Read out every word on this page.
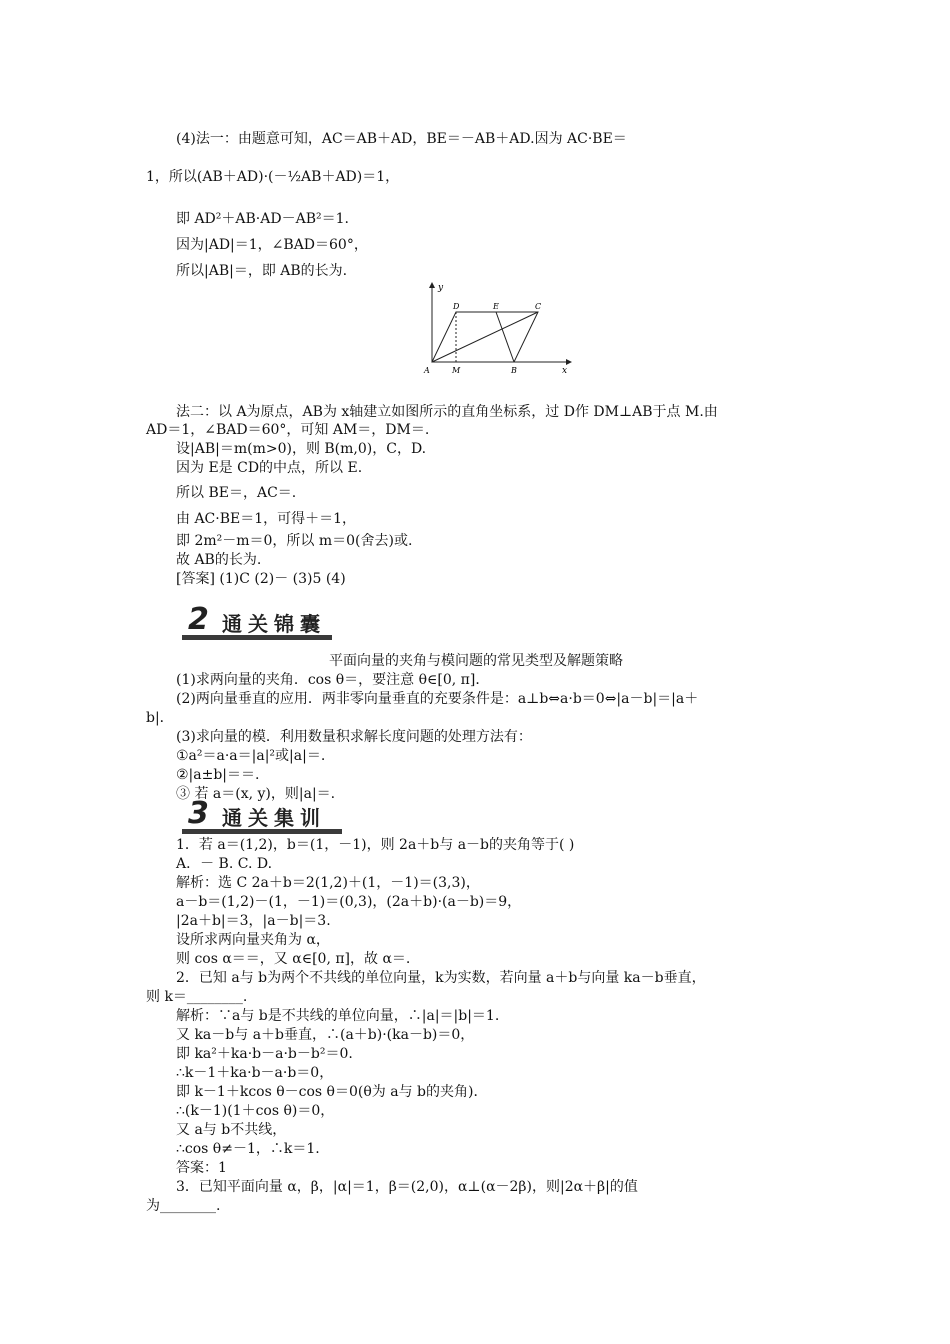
(4)法一：由题意可知，AC＝AB＋AD，BE＝－AB＋AD.因为 AC·BE＝
1，所以(AB＋AD)·(－½AB＋AD)＝1，
即 AD²＋AB·AD－AB²＝1.
因为|AD|＝1，∠BAD＝60°，
所以|AB|＝，即 AB的长为.
y
x
A	M	B
D	E	C
法二：以 A为原点，AB为 x轴建立如图所示的直角坐标系，过 D作 DM⊥AB于点 M.由
AD＝1，∠BAD＝60°，可知 AM＝，DM＝.
设|AB|＝m(m>0)，则 B(m,0)，C，D.
因为 E是 CD的中点，所以 E.
所以 BE＝，AC＝.
由 AC·BE＝1，可得＋＝1，
即 2m²－m＝0，所以 m＝0(舍去)或.
故 AB的长为.
[答案] (1)C (2)－ (3)5 (4)
2 通关锦囊
平面向量的夹角与模问题的常见类型及解题策略
(1)求两向量的夹角．cos θ＝，要注意 θ∈[0, π]．
(2)两向量垂直的应用．两非零向量垂直的充要条件是：a⊥b⇔a·b＝0⇔|a－b|＝|a＋
b|．
(3)求向量的模．利用数量积求解长度问题的处理方法有：
①a²＝a·a＝|a|²或|a|＝.
②|a±b|＝＝.
③ 若 a＝(x, y)，则|a|＝.
3 通关集训
1．若 a＝(1,2)，b＝(1，－1)，则 2a＋b与 a－b的夹角等于( )
A．－ B. C. D.
解析：选 C 2a＋b＝2(1,2)＋(1，－1)＝(3,3)，
a－b＝(1,2)－(1，－1)＝(0,3)，(2a＋b)·(a－b)＝9，
|2a＋b|＝3，|a－b|＝3.
设所求两向量夹角为 α，
则 cos α＝＝，又 α∈[0, π]，故 α＝.
2．已知 a与 b为两个不共线的单位向量，k为实数，若向量 a＋b与向量 ka－b垂直，
则 k＝________.
解析：∵a与 b是不共线的单位向量，∴|a|＝|b|＝1.
又 ka－b与 a＋b垂直，∴(a＋b)·(ka－b)＝0，
即 ka²＋ka·b－a·b－b²＝0.
∴k－1＋ka·b－a·b＝0，
即 k－1＋kcos θ－cos θ＝0(θ为 a与 b的夹角)．
∴(k－1)(1＋cos θ)＝0，
又 a与 b不共线，
∴cos θ≠－1，∴k＝1.
答案：1
3．已知平面向量 α，β，|α|＝1，β＝(2,0)，α⊥(α－2β)，则|2α＋β|的值
为________.
